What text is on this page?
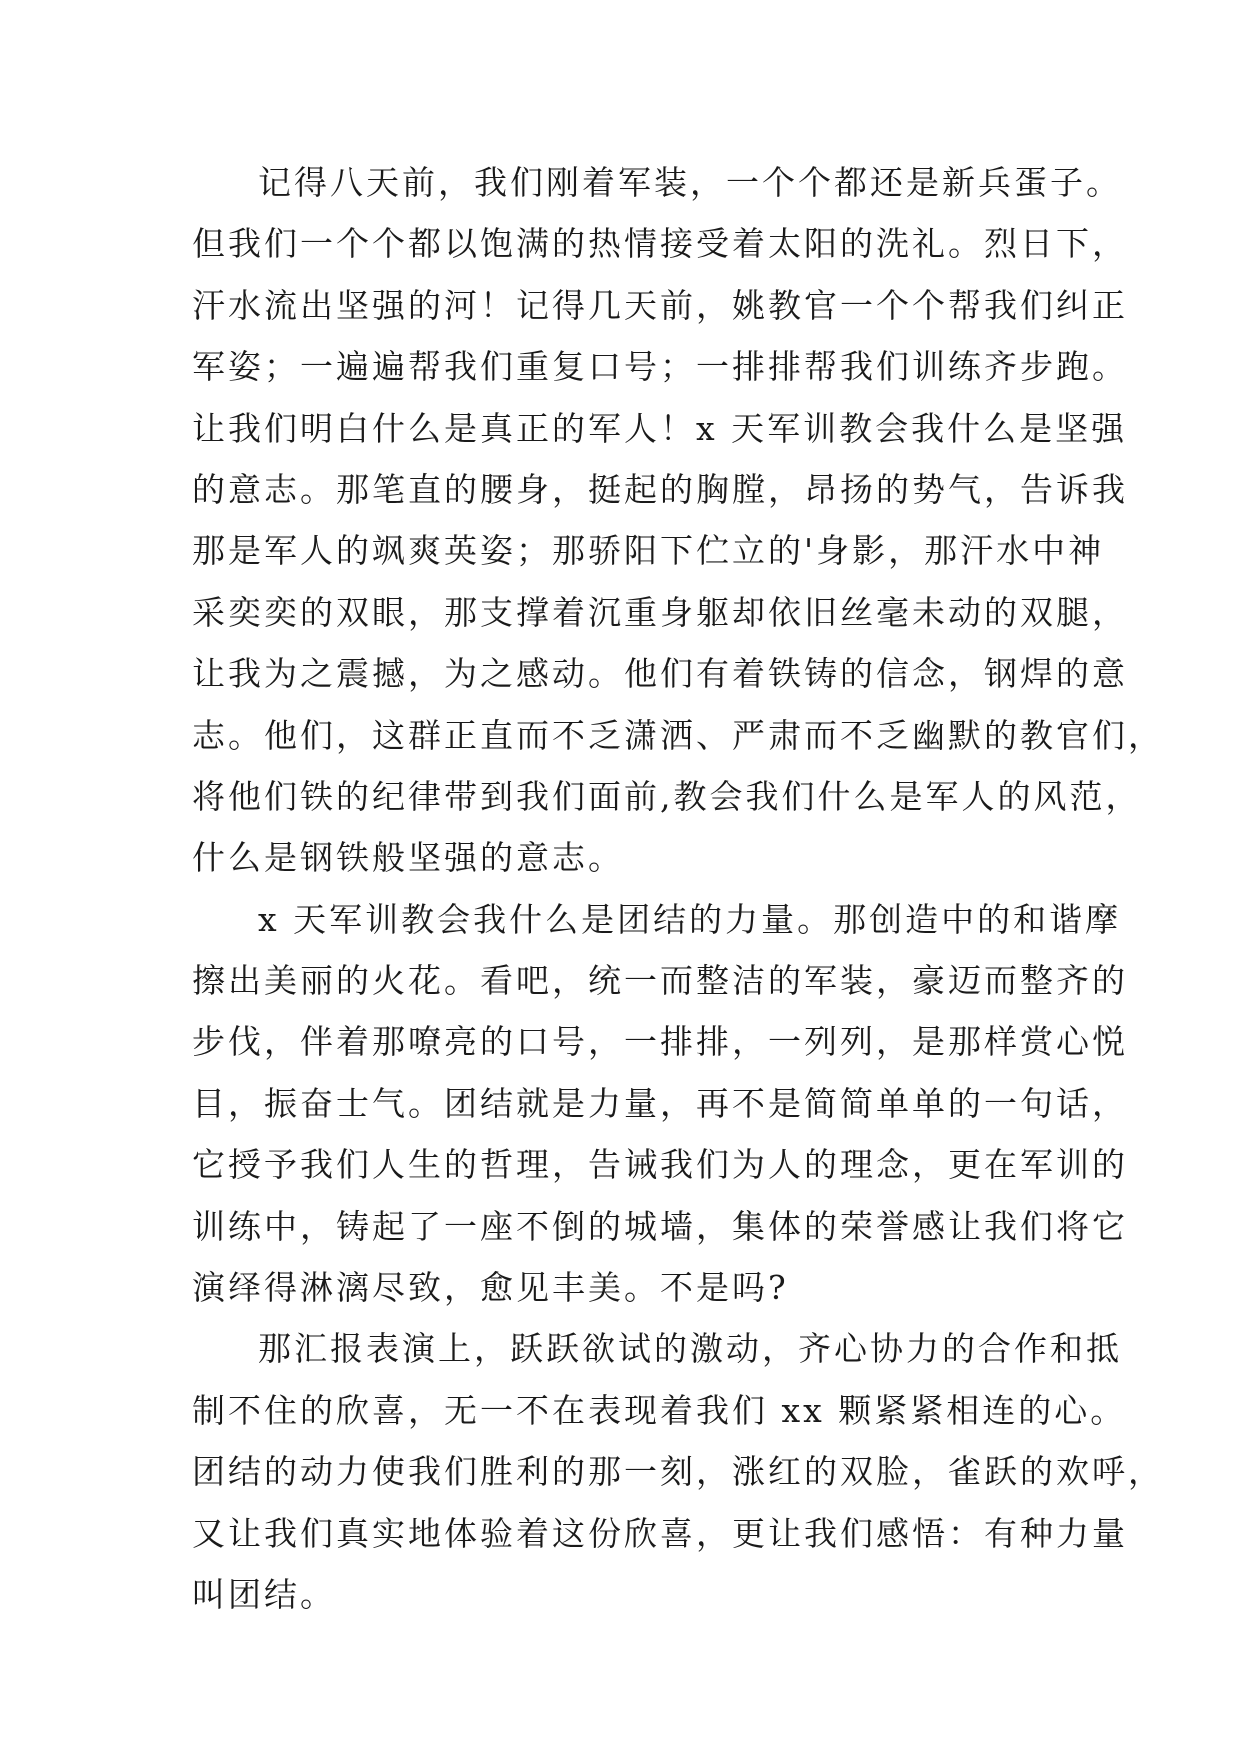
记得八天前，我们刚着军装，一个个都还是新兵蛋子。
但我们一个个都以饱满的热情接受着太阳的洗礼。烈日下，
汗水流出坚强的河！记得几天前，姚教官一个个帮我们纠正
军姿；一遍遍帮我们重复口号；一排排帮我们训练齐步跑。
让我们明白什么是真正的军人！x 天军训教会我什么是坚强
的意志。那笔直的腰身，挺起的胸膛，昂扬的势气，告诉我
那是军人的飒爽英姿；那骄阳下伫立的'身影，那汗水中神
采奕奕的双眼，那支撑着沉重身躯却依旧丝毫未动的双腿，
让我为之震撼，为之感动。他们有着铁铸的信念，钢焊的意
志。他们，这群正直而不乏潇洒、严肃而不乏幽默的教官们，
将他们铁的纪律带到我们面前,教会我们什么是军人的风范，
什么是钢铁般坚强的意志。
x 天军训教会我什么是团结的力量。那创造中的和谐摩
擦出美丽的火花。看吧，统一而整洁的军装，豪迈而整齐的
步伐，伴着那嘹亮的口号，一排排，一列列，是那样赏心悦
目，振奋士气。团结就是力量，再不是简简单单的一句话，
它授予我们人生的哲理，告诫我们为人的理念，更在军训的
训练中，铸起了一座不倒的城墙，集体的荣誉感让我们将它
演绎得淋漓尽致，愈见丰美。不是吗?
那汇报表演上，跃跃欲试的激动，齐心协力的合作和抵
制不住的欣喜，无一不在表现着我们 xx 颗紧紧相连的心。
团结的动力使我们胜利的那一刻，涨红的双脸，雀跃的欢呼，
又让我们真实地体验着这份欣喜，更让我们感悟：有种力量
叫团结。
